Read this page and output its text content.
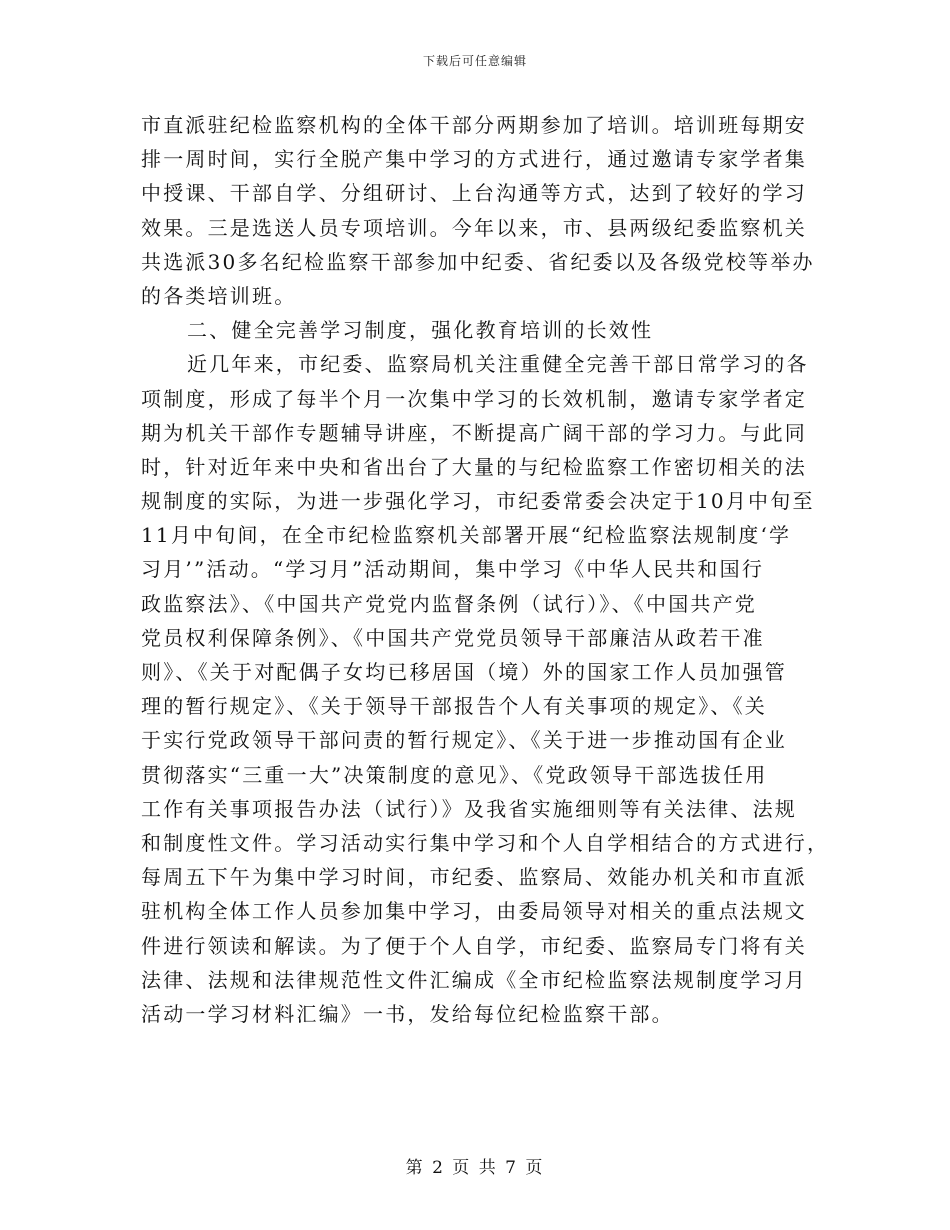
下载后可任意编辑
市直派驻纪检监察机构的全体干部分两期参加了培训。培训班每期安
排一周时间，实行全脱产集中学习的方式进行，通过邀请专家学者集
中授课、干部自学、分组研讨、上台沟通等方式，达到了较好的学习
效果。三是选送人员专项培训。今年以来，市、县两级纪委监察机关
共选派30多名纪检监察干部参加中纪委、省纪委以及各级党校等举办
的各类培训班。
二、健全完善学习制度，强化教育培训的长效性
近几年来，市纪委、监察局机关注重健全完善干部日常学习的各
项制度，形成了每半个月一次集中学习的长效机制，邀请专家学者定
期为机关干部作专题辅导讲座，不断提高广阔干部的学习力。与此同
时，针对近年来中央和省出台了大量的与纪检监察工作密切相关的法
规制度的实际，为进一步强化学习，市纪委常委会决定于10月中旬至
11月中旬间，在全市纪检监察机关部署开展“纪检监察法规制度‘学
习月’”活动。“学习月”活动期间，集中学习《中华人民共和国行
政监察法》、《中国共产党党内监督条例（试行）》、《中国共产党
党员权利保障条例》、《中国共产党党员领导干部廉洁从政若干准
则》、《关于对配偶子女均已移居国（境）外的国家工作人员加强管
理的暂行规定》、《关于领导干部报告个人有关事项的规定》、《关
于实行党政领导干部问责的暂行规定》、《关于进一步推动国有企业
贯彻落实“三重一大”决策制度的意见》、《党政领导干部选拔任用
工作有关事项报告办法（试行）》及我省实施细则等有关法律、法规
和制度性文件。学习活动实行集中学习和个人自学相结合的方式进行，
每周五下午为集中学习时间，市纪委、监察局、效能办机关和市直派
驻机构全体工作人员参加集中学习，由委局领导对相关的重点法规文
件进行领读和解读。为了便于个人自学，市纪委、监察局专门将有关
法律、法规和法律规范性文件汇编成《全市纪检监察法规制度学习月
活动一学习材料汇编》一书，发给每位纪检监察干部。
第 2 页 共 7 页
